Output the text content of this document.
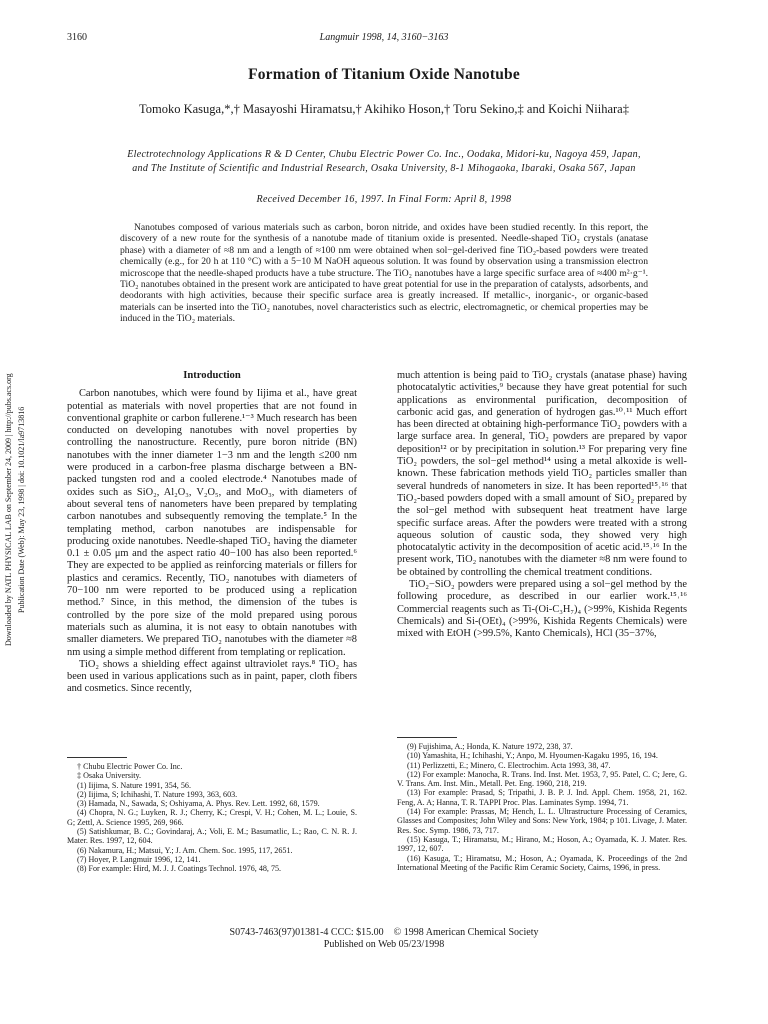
3160	Langmuir 1998, 14, 3160−3163
Formation of Titanium Oxide Nanotube
Tomoko Kasuga,*,† Masayoshi Hiramatsu,† Akihiko Hoson,† Toru Sekino,‡ and Koichi Niihara‡
Electrotechnology Applications R & D Center, Chubu Electric Power Co. Inc., Oodaka, Midori-ku, Nagoya 459, Japan, and The Institute of Scientific and Industrial Research, Osaka University, 8-1 Mihogaoka, Ibaraki, Osaka 567, Japan
Received December 16, 1997. In Final Form: April 8, 1998

Nanotubes composed of various materials such as carbon, boron nitride, and oxides have been studied recently. In this report, the discovery of a new route for the synthesis of a nanotube made of titanium oxide is presented. Needle-shaped TiO₂ crystals (anatase phase) with a diameter of ≈8 nm and a length of ≈100 nm were obtained when sol−gel-derived fine TiO₂-based powders were treated chemically (e.g., for 20 h at 110 °C) with a 5−10 M NaOH aqueous solution. It was found by observation using a transmission electron microscope that the needle-shaped products have a tube structure. The TiO₂ nanotubes have a large specific surface area of ≈400 m²·g⁻¹. TiO₂ nanotubes obtained in the present work are anticipated to have great potential for use in the preparation of catalysts, adsorbents, and deodorants with high activities, because their specific surface area is greatly increased. If metallic-, inorganic-, or organic-based materials can be inserted into the TiO₂ nanotubes, novel characteristics such as electric, electromagnetic, or chemical properties may be induced in the TiO₂ materials.

Downloaded by NATL PHYSICAL LAB on September 24, 2009 | http://pubs.acs.org Publication Date (Web): May 23, 1998 | doi: 10.1021/la9713816
Introduction

Carbon nanotubes, which were found by Iijima et al., have great potential as materials with novel properties that are not found in conventional graphite or carbon fullerene.¹⁻³ Much research has been conducted on developing nanotubes with novel properties by controlling the nanostructure. Recently, pure boron nitride (BN) nanotubes with the inner diameter 1−3 nm and the length ≤200 nm were produced in a carbon-free plasma discharge between a BN-packed tungsten rod and a cooled electrode.⁴ Nanotubes made of oxides such as SiO₂, Al₂O₃, V₂O₅, and MoO₃, with diameters of about several tens of nanometers have been prepared by templating carbon nanotubes and subsequently removing the template.⁵ In the templating method, carbon nanotubes are indispensable for producing oxide nanotubes. Needle-shaped TiO₂ having the diameter 0.1 ± 0.05 μm and the aspect ratio 40−100 has also been reported.⁶ They are expected to be applied as reinforcing materials or fillers for plastics and ceramics. Recently, TiO₂ nanotubes with diameters of 70−100 nm were reported to be produced using a replication method.⁷ Since, in this method, the dimension of the tubes is controlled by the pore size of the mold prepared using porous materials such as alumina, it is not easy to obtain nanotubes with smaller diameters. We prepared TiO₂ nanotubes with the diameter ≈8 nm using a simple method different from templating or replication.

TiO₂ shows a shielding effect against ultraviolet rays.⁸ TiO₂ has been used in various applications such as in paint, paper, cloth fibers and cosmetics. Since recently,

much attention is being paid to TiO₂ crystals (anatase phase) having photocatalytic activities,⁹ because they have great potential for such applications as environmental purification, decomposition of carbonic acid gas, and generation of hydrogen gas.¹⁰˒¹¹ Much effort has been directed at obtaining high-performance TiO₂ powders with a large surface area. In general, TiO₂ powders are prepared by vapor deposition¹² or by precipitation in solution.¹³ For preparing very fine TiO₂ powders, the sol−gel method¹⁴ using a metal alkoxide is well-known. These fabrication methods yield TiO₂ particles smaller than several hundreds of nanometers in size. It has been reported¹⁵˒¹⁶ that TiO₂-based powders doped with a small amount of SiO₂ prepared by the sol−gel method with subsequent heat treatment have large specific surface areas. After the powders were treated with a strong aqueous solution of caustic soda, they showed very high photocatalytic activity in the decomposition of acetic acid.¹⁵˒¹⁶ In the present work, TiO₂ nanotubes with the diameter ≈8 nm were found to be obtained by controlling the chemical treatment conditions.

TiO₂−SiO₂ powders were prepared using a sol−gel method by the following procedure, as described in our earlier work.¹⁵˒¹⁶ Commercial reagents such as Ti-(Oi-C₃H₇)₄ (>99%, Kishida Regents Chemicals) and Si-(OEt)₄ (>99%, Kishida Regents Chemicals) were mixed with EtOH (>99.5%, Kanto Chemicals), HCl (35−37%,

† Chubu Electric Power Co. Inc.

‡ Osaka University.

(1) Iijima, S. Nature 1991, 354, 56.

(2) Iijima, S; Ichihashi, T. Nature 1993, 363, 603.

(3) Hamada, N., Sawada, S; Oshiyama, A. Phys. Rev. Lett. 1992, 68, 1579.

(4) Chopra, N. G.; Luyken, R. J.; Cherry, K.; Crespi, V. H.; Cohen, M. L.; Louie, S. G; Zettl, A. Science 1995, 269, 966.

(5) Satishkumar, B. C.; Govindaraj, A.; Voli, E. M.; Basumatlic, L.; Rao, C. N. R. J. Mater. Res. 1997, 12, 604.

(6) Nakamura, H.; Matsui, Y.; J. Am. Chem. Soc. 1995, 117, 2651.

(7) Hoyer, P. Langmuir 1996, 12, 141.

(8) For example: Hird, M. J. J. Coatings Technol. 1976, 48, 75.

(9) Fujishima, A.; Honda, K. Nature 1972, 238, 37.

(10) Yamashita, H.; Ichihashi, Y.; Anpo, M. Hyoumen-Kagaku 1995, 16, 194.

(11) Perlizzetti, E.; Minero, C. Electrochim. Acta 1993, 38, 47.

(12) For example: Manocha, R. Trans. Ind. Inst. Met. 1953, 7, 95. Patel, C. C; Jere, G. V. Trans. Am. Inst. Min., Metall. Pet. Eng. 1960, 218, 219.

(13) For example: Prasad, S; Tripathi, J. B. P. J. Ind. Appl. Chem. 1958, 21, 162. Feng, A. A; Hanna, T. R. TAPPI Proc. Plas. Laminates Symp. 1994, 71.

(14) For example: Prassas, M; Hench, L. L. Ultrastructure Processing of Ceramics, Glasses and Composites; John Wiley and Sons: New York, 1984; p 101. Livage, J. Mater. Res. Soc. Symp. 1986, 73, 717.

(15) Kasuga, T.; Hiramatsu, M.; Hirano, M.; Hoson, A.; Oyamada, K. J. Mater. Res. 1997, 12, 607.

(16) Kasuga, T.; Hiramatsu, M.; Hoson, A.; Oyamada, K. Proceedings of the 2nd International Meeting of the Pacific Rim Ceramic Society, Cairns, 1996, in press.

S0743-7463(97)01381-4 CCC: $15.00    © 1998 American Chemical Society
Published on Web 05/23/1998
